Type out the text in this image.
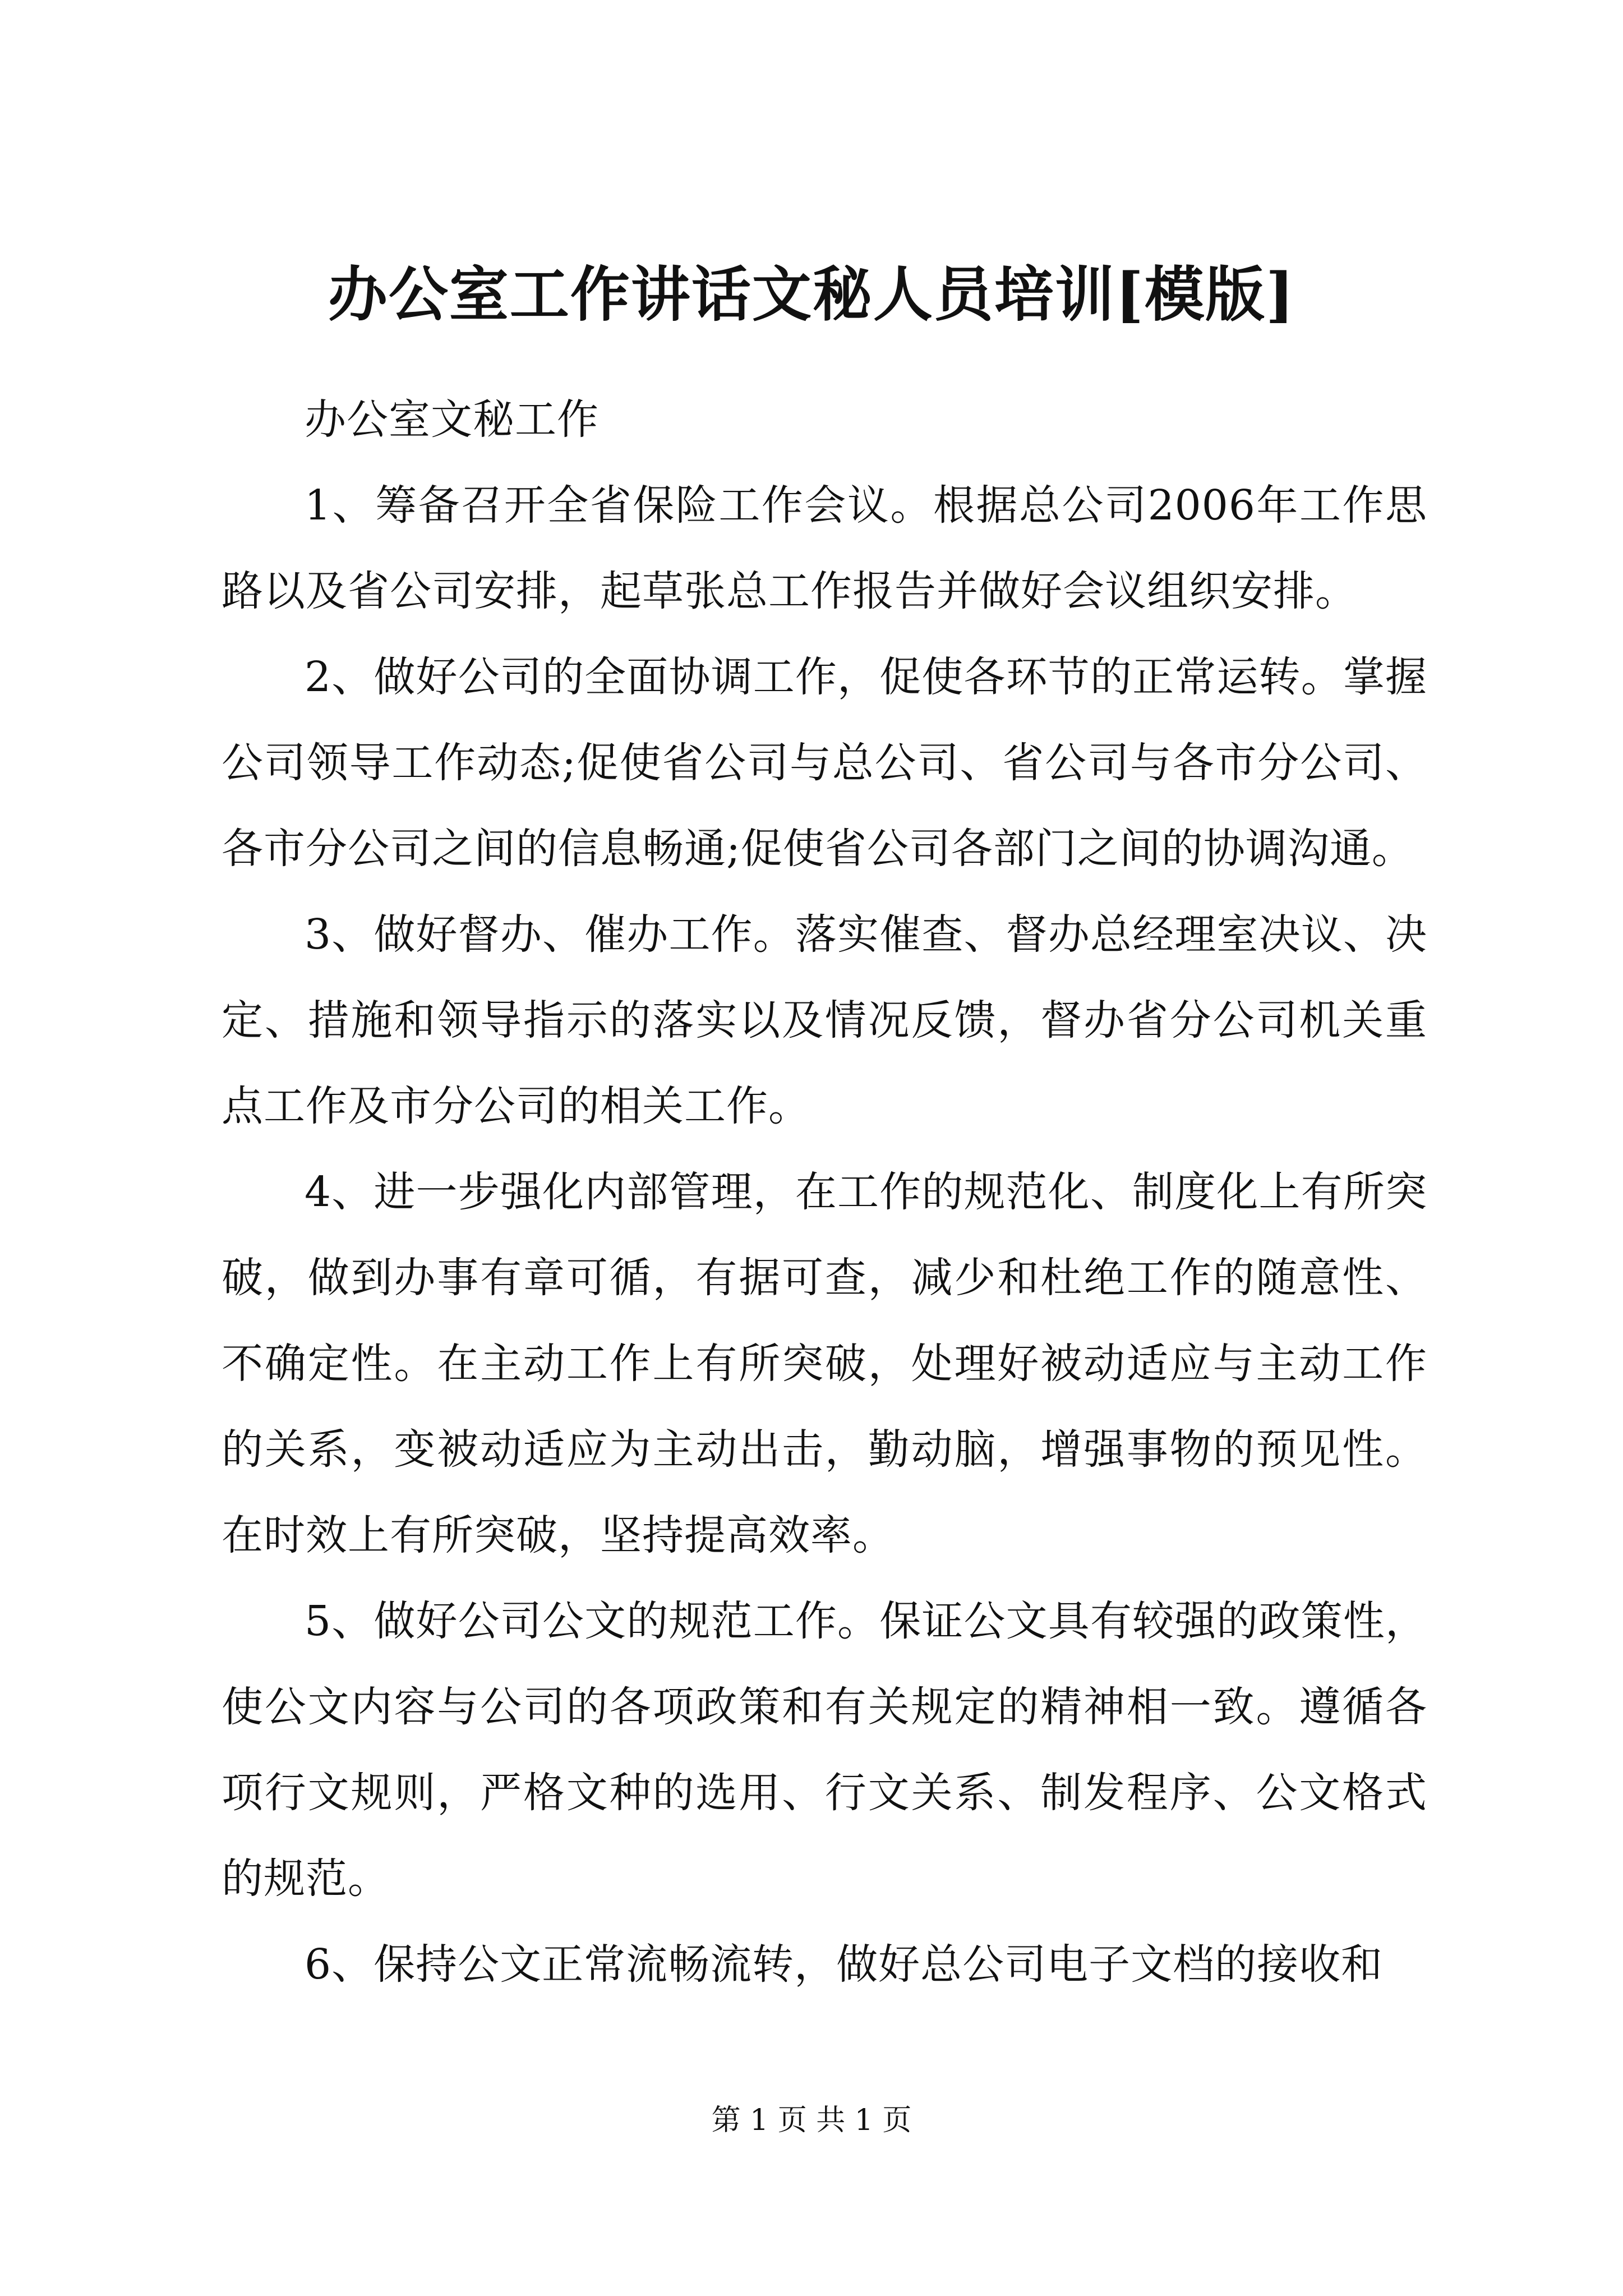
办公室工作讲话文秘人员培训[模版]

办公室文秘工作

1、筹备召开全省保险工作会议。根据总公司2006年工作思路以及省公司安排，起草张总工作报告并做好会议组织安排。

2、做好公司的全面协调工作，促使各环节的正常运转。掌握公司领导工作动态;促使省公司与总公司、省公司与各市分公司、各市分公司之间的信息畅通;促使省公司各部门之间的协调沟通。

3、做好督办、催办工作。落实催查、督办总经理室决议、决定、措施和领导指示的落实以及情况反馈，督办省分公司机关重点工作及市分公司的相关工作。

4、进一步强化内部管理，在工作的规范化、制度化上有所突破，做到办事有章可循，有据可查，减少和杜绝工作的随意性、不确定性。在主动工作上有所突破，处理好被动适应与主动工作的关系，变被动适应为主动出击，勤动脑，增强事物的预见性。在时效上有所突破，坚持提高效率。

5、做好公司公文的规范工作。保证公文具有较强的政策性，使公文内容与公司的各项政策和有关规定的精神相一致。遵循各项行文规则，严格文种的选用、行文关系、制发程序、公文格式的规范。

6、保持公文正常流畅流转，做好总公司电子文档的接收和

第 1 页 共 1 页
